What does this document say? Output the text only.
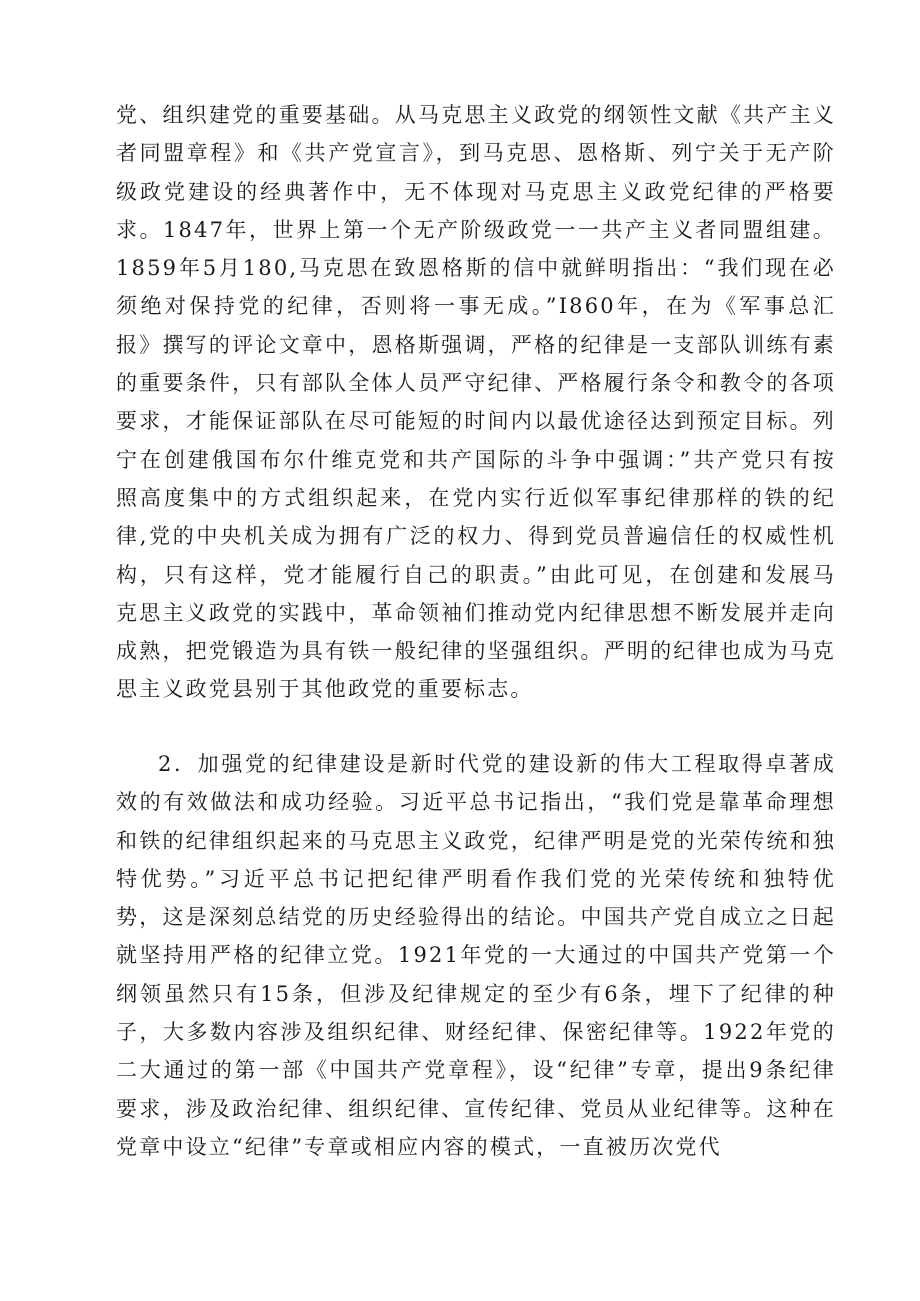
党、组织建党的重要基础。从马克思主义政党的纲领性文献《共产主义者同盟章程》和《共产党宣言》，到马克思、恩格斯、列宁关于无产阶级政党建设的经典著作中，无不体现对马克思主义政党纪律的严格要求。1847年，世界上第一个无产阶级政党一一共产主义者同盟组建。1859年5月180,马克思在致恩格斯的信中就鲜明指出：“我们现在必须绝对保持党的纪律，否则将一事无成。”I860年，在为《军事总汇报》撰写的评论文章中，恩格斯强调，严格的纪律是一支部队训练有素的重要条件，只有部队全体人员严守纪律、严格履行条令和教令的各项要求，才能保证部队在尽可能短的时间内以最优途径达到预定目标。列宁在创建俄国布尔什维克党和共产国际的斗争中强调：”共产党只有按照高度集中的方式组织起来，在党内实行近似军事纪律那样的铁的纪律,党的中央机关成为拥有广泛的权力、得到党员普遍信任的权威性机构，只有这样，党才能履行自己的职责。”由此可见，在创建和发展马克思主义政党的实践中，革命领袖们推动党内纪律思想不断发展并走向成熟，把党锻造为具有铁一般纪律的坚强组织。严明的纪律也成为马克思主义政党县别于其他政党的重要标志。

2．加强党的纪律建设是新时代党的建设新的伟大工程取得卓著成效的有效做法和成功经验。习近平总书记指出，“我们党是靠革命理想和铁的纪律组织起来的马克思主义政党，纪律严明是党的光荣传统和独特优势。”习近平总书记把纪律严明看作我们党的光荣传统和独特优势，这是深刻总结党的历史经验得出的结论。中国共产党自成立之日起就坚持用严格的纪律立党。1921年党的一大通过的中国共产党第一个纲领虽然只有15条，但涉及纪律规定的至少有6条，埋下了纪律的种子，大多数内容涉及组织纪律、财经纪律、保密纪律等。1922年党的二大通过的第一部《中国共产党章程》，设“纪律”专章，提出9条纪律要求，涉及政治纪律、组织纪律、宣传纪律、党员从业纪律等。这种在党章中设立“纪律”专章或相应内容的模式，一直被历次党代
